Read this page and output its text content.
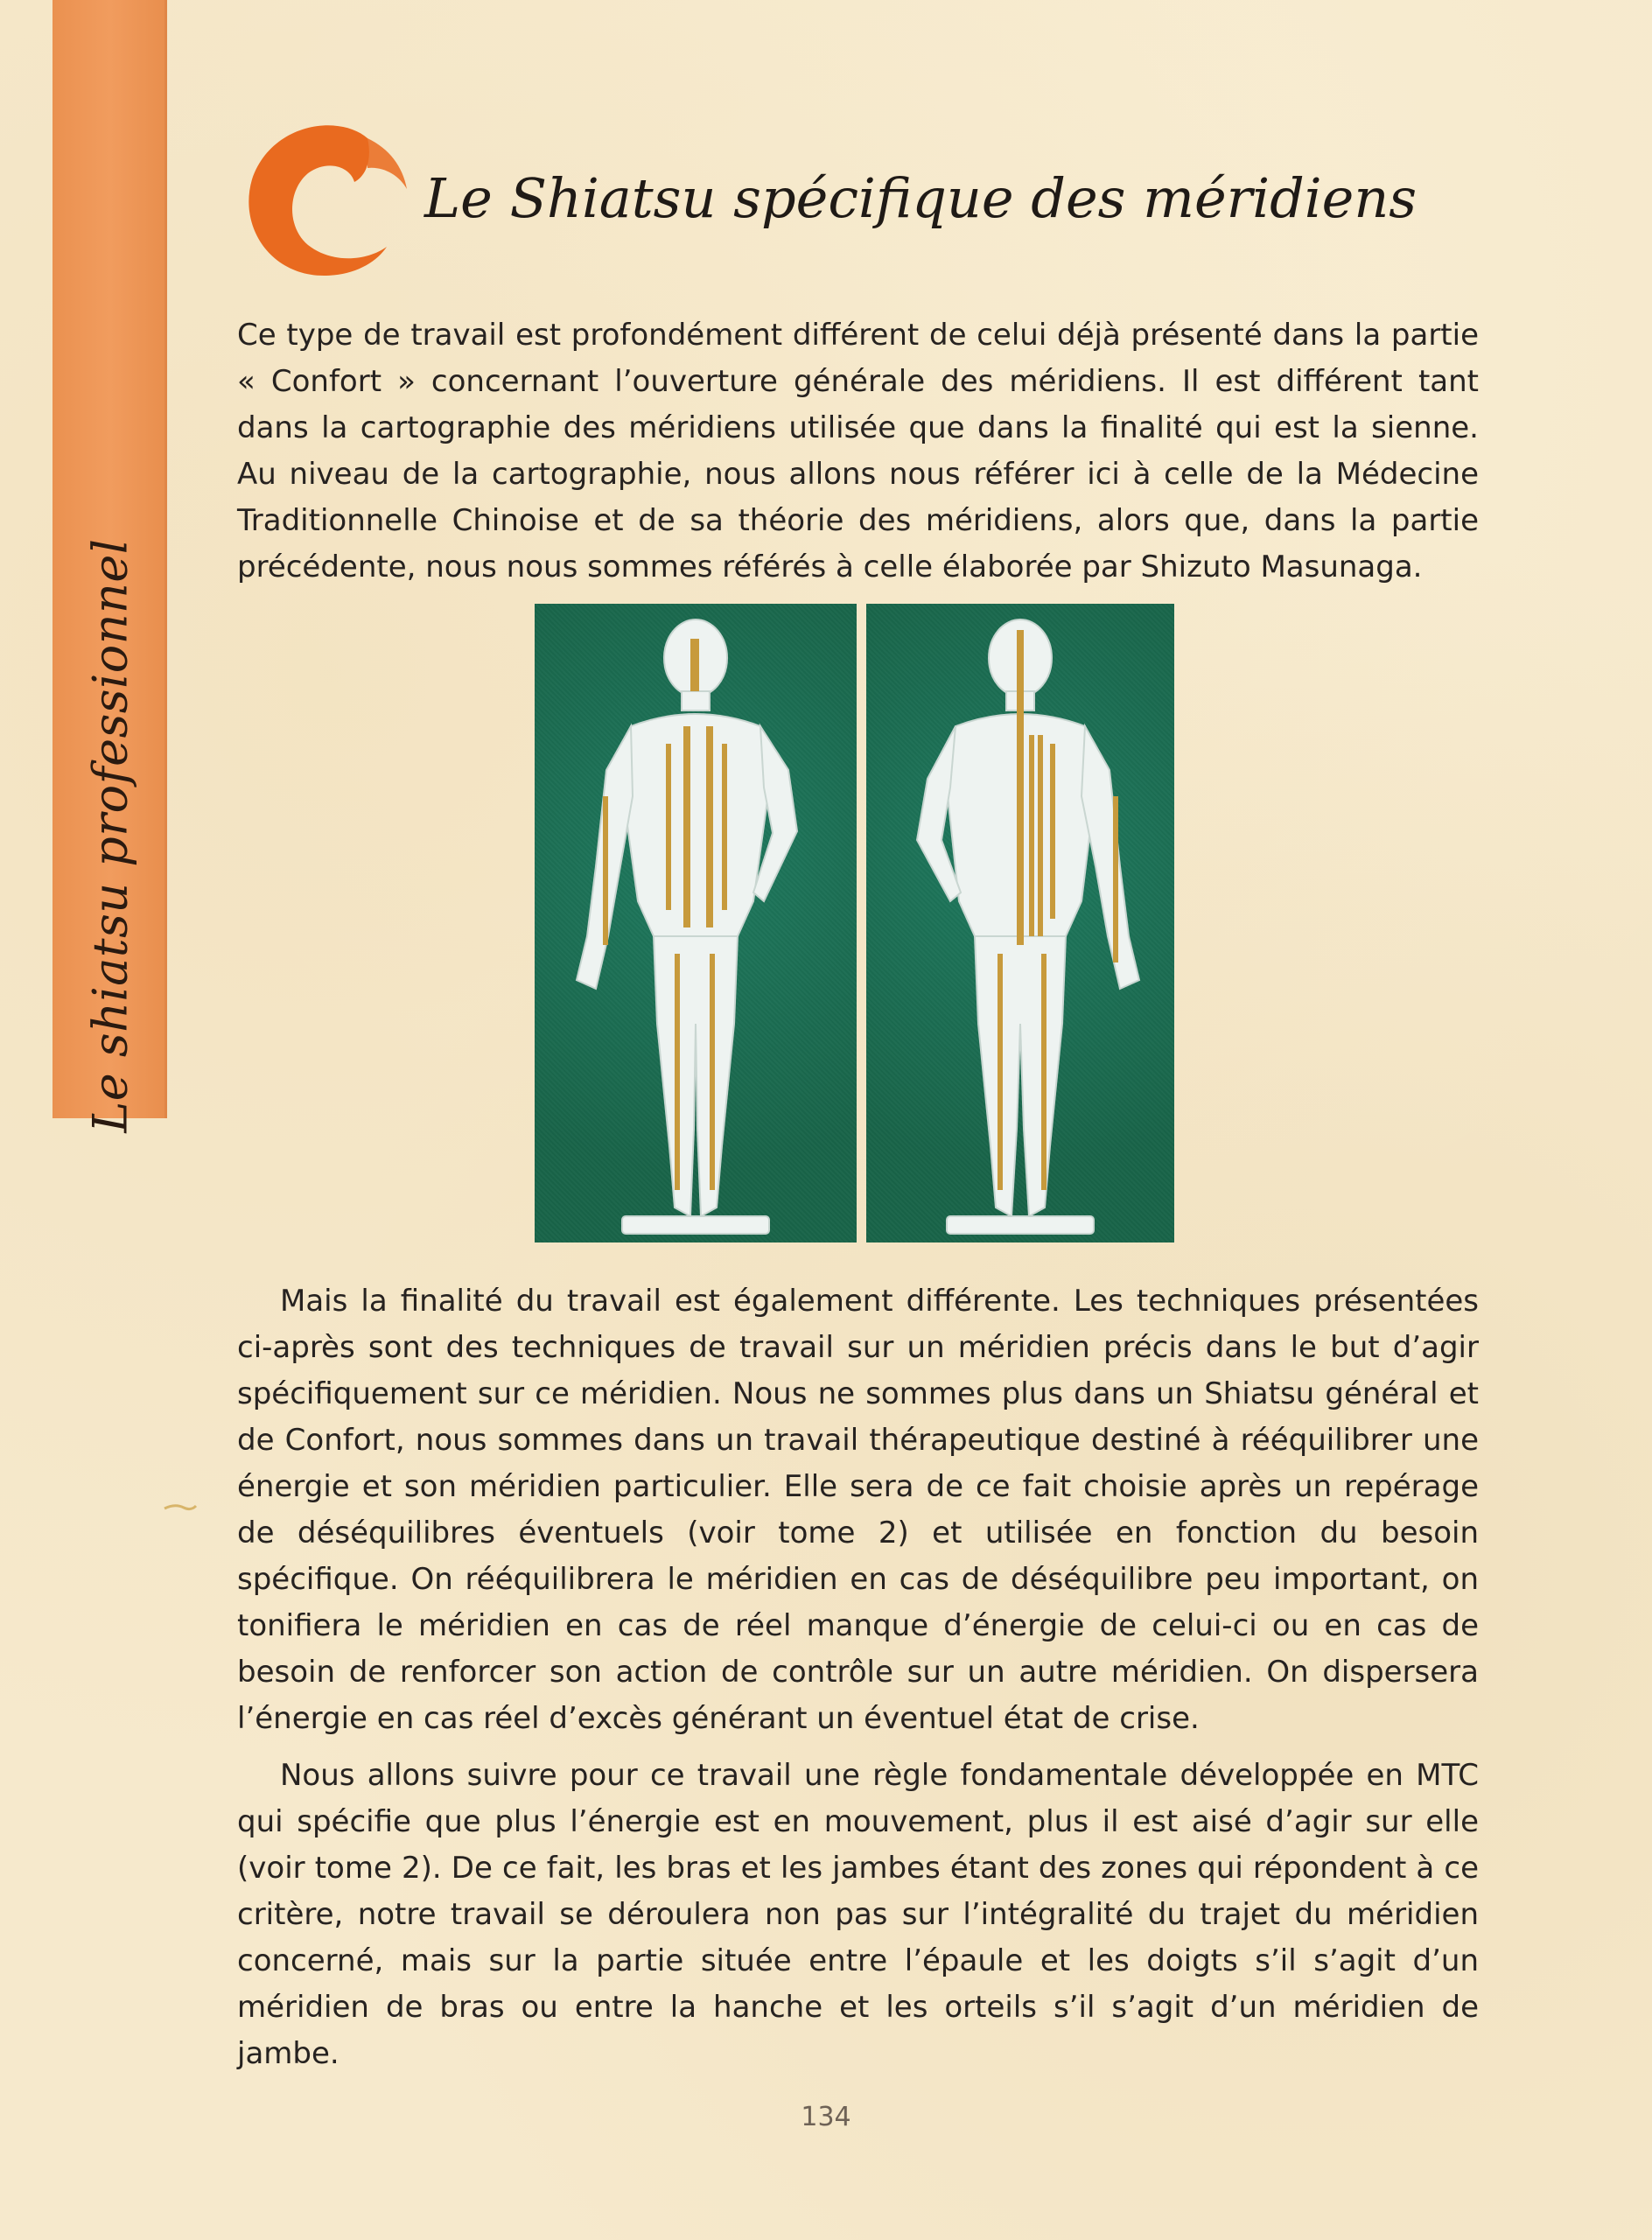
Le shiatsu professionnel
Le Shiatsu spécifique des méridiens

Ce type de travail est profondément différent de celui déjà présenté dans la partie « Confort » concernant l’ouverture générale des méridiens. Il est différent tant dans la cartographie des méridiens utilisée que dans la finalité qui est la sienne. Au niveau de la cartographie, nous allons nous référer ici à celle de la Médecine Traditionnelle Chinoise et de sa théorie des méridiens, alors que, dans la partie précédente, nous nous sommes référés à celle élaborée par Shizuto Masunaga.

Mais la finalité du travail est également différente. Les techniques présentées ci-après sont des techniques de travail sur un méridien précis dans le but d’agir spécifiquement sur ce méridien. Nous ne sommes plus dans un Shiatsu général et de Confort, nous sommes dans un travail thérapeutique destiné à rééquilibrer une énergie et son méridien particulier. Elle sera de ce fait choisie après un repérage de déséquilibres éventuels (voir tome 2) et utilisée en fonction du besoin spécifique. On rééquilibrera le méridien en cas de déséquilibre peu important, on tonifiera le méridien en cas de réel manque d’énergie de celui-ci ou en cas de besoin de renforcer son action de contrôle sur un autre méridien. On dispersera l’énergie en cas réel d’excès générant un éventuel état de crise.

Nous allons suivre pour ce travail une règle fondamentale développée en MTC qui spécifie que plus l’énergie est en mouvement, plus il est aisé d’agir sur elle (voir tome 2). De ce fait, les bras et les jambes étant des zones qui répondent à ce critère, notre travail se déroulera non pas sur l’intégralité du trajet du méridien concerné, mais sur la partie située entre l’épaule et les doigts s’il s’agit d’un méridien de bras ou entre la hanche et les orteils s’il s’agit d’un méridien de jambe.

134
